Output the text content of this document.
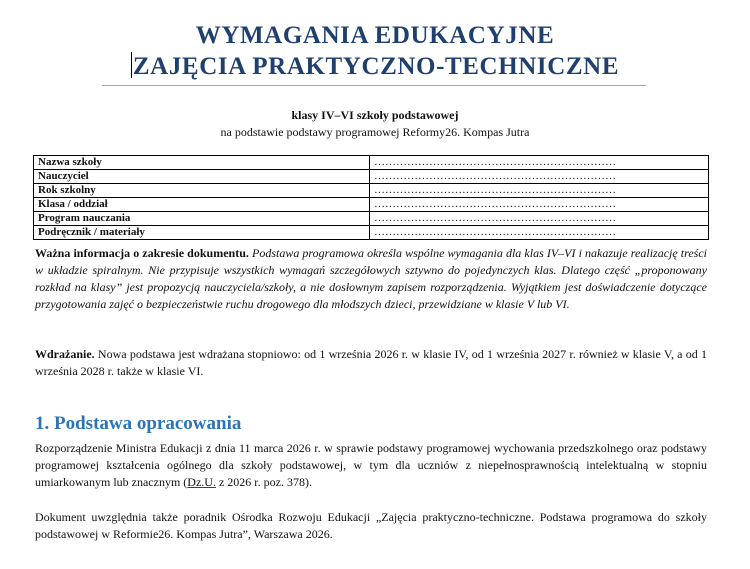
WYMAGANIA EDUKACYJNE
ZAJĘCIA PRAKTYCZNO-TECHNICZNE
klasy IV–VI szkoły podstawowej
na podstawie podstawy programowej Reformy26. Kompas Jutra
Nazwa szkoły	…………………………………………………………
Nauczyciel	…………………………………………………………
Rok szkolny	…………………………………………………………
Klasa / oddział	…………………………………………………………
Program nauczania	…………………………………………………………
Podręcznik / materiały	…………………………………………………………
Ważna informacja o zakresie dokumentu. Podstawa programowa określa wspólne wymagania dla klas IV–VI i nakazuje realizację treści w układzie spiralnym. Nie przypisuje wszystkich wymagań szczegółowych sztywno do pojedynczych klas. Dlatego część „proponowany rozkład na klasy” jest propozycją nauczyciela/szkoły, a nie dosłownym zapisem rozporządzenia. Wyjątkiem jest doświadczenie dotyczące przygotowania zajęć o bezpieczeństwie ruchu drogowego dla młodszych dzieci, przewidziane w klasie V lub VI.
Wdrażanie. Nowa podstawa jest wdrażana stopniowo: od 1 września 2026 r. w klasie IV, od 1 września 2027 r. również w klasie V, a od 1 września 2028 r. także w klasie VI.
1. Podstawa opracowania
Rozporządzenie Ministra Edukacji z dnia 11 marca 2026 r. w sprawie podstawy programowej wychowania przedszkolnego oraz podstawy programowej kształcenia ogólnego dla szkoły podstawowej, w tym dla uczniów z niepełnosprawnością intelektualną w stopniu umiarkowanym lub znacznym (Dz.U. z 2026 r. poz. 378).
Dokument uwzględnia także poradnik Ośrodka Rozwoju Edukacji „Zajęcia praktyczno-techniczne. Podstawa programowa do szkoły podstawowej w Reformie26. Kompas Jutra”, Warszawa 2026.
